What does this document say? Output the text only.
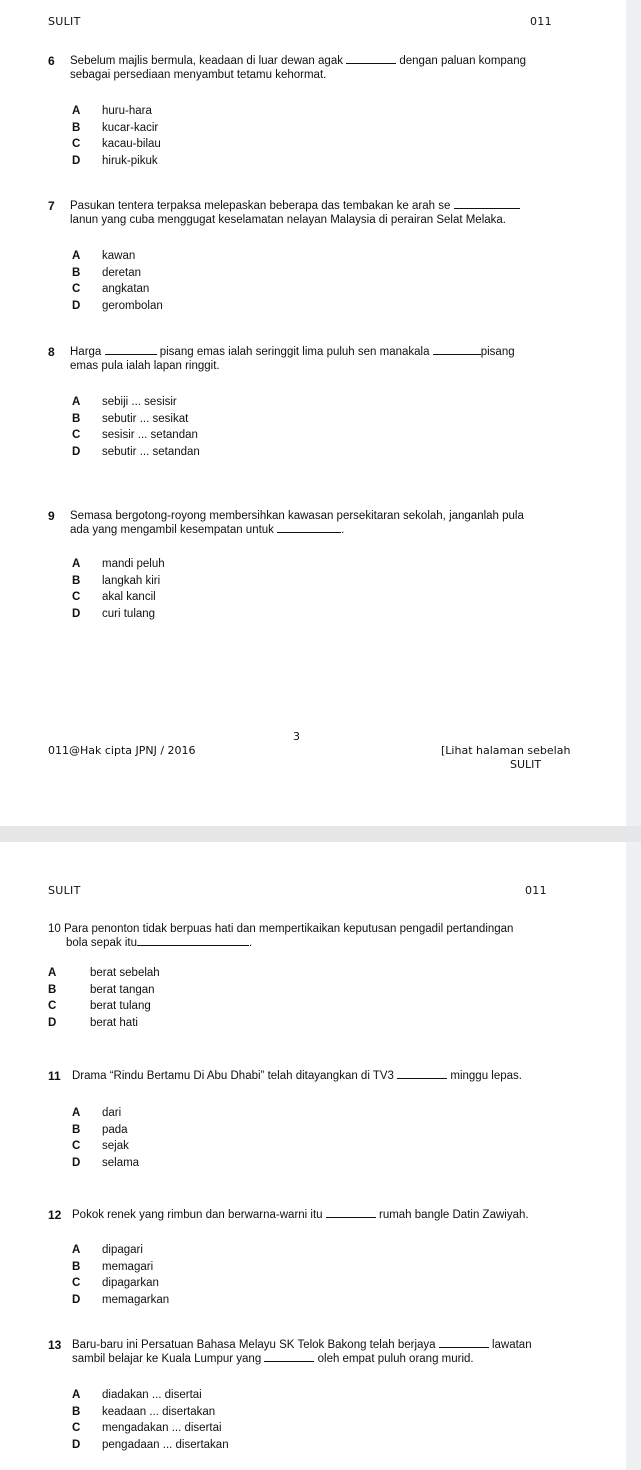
SULIT	011
6 Sebelum majlis bermula, keadaan di luar dewan agak	dengan paluan kompang
sebagai persediaan menyambut tetamu kehormat.
A huru-hara
B kucar-kacir
C kacau-bilau
D hiruk-pikuk
7 Pasukan tentera terpaksa melepaskan beberapa das tembakan ke arah se
lanun yang cuba menggugat keselamatan nelayan Malaysia di perairan Selat Melaka.
A kawan
B deretan
C angkatan
D gerombolan
8 Harga	pisang emas ialah seringgit lima puluh sen manakala	pisang
emas pula ialah lapan ringgit.
A sebiji ... sesisir
B sebutir ... sesikat
C sesisir ... setandan
D sebutir ... setandan
9 Semasa bergotong-royong membersihkan kawasan persekitaran sekolah, janganlah pula
ada yang mengambil kesempatan untuk	.
A mandi peluh
B langkah kiri
C akal kancil
D curi tulang
3
011@Hak cipta JPNJ / 2016	[Lihat halaman sebelah
SULIT
SULIT	011
10 Para penonton tidak berpuas hati dan mempertikaikan keputusan pengadil pertandingan
bola sepak itu	.
A	berat sebelah
B	berat tangan
C	berat tulang
D	berat hati
11 Drama “Rindu Bertamu Di Abu Dhabi” telah ditayangkan di TV3	minggu lepas.
A dari
B pada
C sejak
D selama
12 Pokok renek yang rimbun dan berwarna-warni itu	rumah bangle Datin Zawiyah.
A dipagari
B memagari
C dipagarkan
D memagarkan
13 Baru-baru ini Persatuan Bahasa Melayu SK Telok Bakong telah berjaya	lawatan
sambil belajar ke Kuala Lumpur yang	oleh empat puluh orang murid.
A diadakan ... disertai
B keadaan ... disertakan
C mengadakan ... disertai
D pengadaan ... disertakan
